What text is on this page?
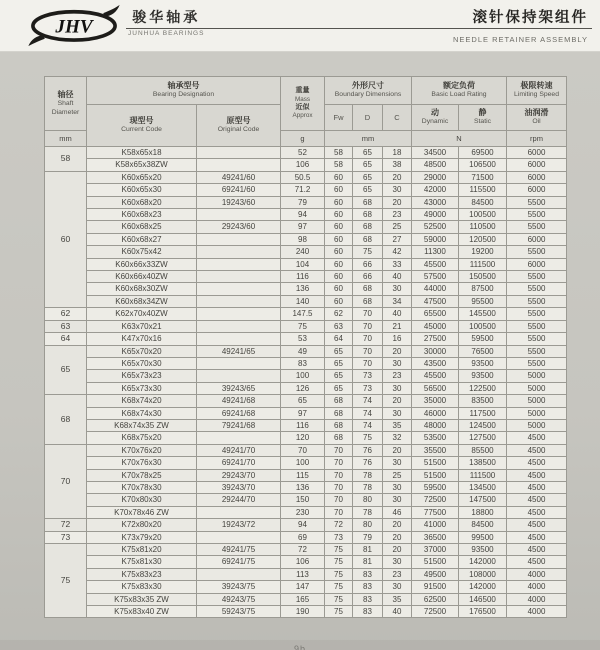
JHV	骏华轴承
JUNHUA BEARINGS
滚针保持架组件
NEEDLE RETAINER ASSEMBLY
轴径
Shaft
Diameter	轴承型号
Bearing Designation		重量
Mass
近似
Approx	外形尺寸
Boundary Dimensions			额定负荷
Basic Load Rating		极限转速
Limiting Speed

	现型号
Current Code	原型号
Original Code		Fw	D	C	动
Dynamic	静
Static	油润滑
Oil

mm			g	mm			N		rpm
58	K58x65x18		52	58	65	18	34500	69500	6000
	K58x65x38ZW		106	58	65	38	48500	106500	6000
60	K60x65x20	49241/60	50.5	60	65	20	29000	71500	6000
	K60x65x30	69241/60	71.2	60	65	30	42000	115500	6000
	K60x68x20	19243/60	79	60	68	20	43000	84500	5500
	K60x68x23		94	60	68	23	49000	100500	5500
	K60x68x25	29243/60	97	60	68	25	52500	110500	5500
	K60x68x27		98	60	68	27	59000	120500	6000
	K60x75x42		240	60	75	42	11300	19200	5500
	K60x66x33ZW		104	60	66	33	45500	111500	6000
	K60x66x40ZW		116	60	66	40	57500	150500	5500
	K60x68x30ZW		136	60	68	30	44000	87500	5500
	K60x68x34ZW		140	60	68	34	47500	95500	5500
62	K62x70x40ZW		147.5	62	70	40	65500	145500	5500
63	K63x70x21		75	63	70	21	45000	100500	5500
64	K47x70x16		53	64	70	16	27500	59500	5500
65	K65x70x20	49241/65	49	65	70	20	30000	76500	5500
	K65x70x30		83	65	70	30	43500	93500	5500
	K65x73x23		100	65	73	23	45500	93500	5000
	K65x73x30	39243/65	126	65	73	30	56500	122500	5000
68	K68x74x20	49241/68	65	68	74	20	35000	83500	5000
	K68x74x30	69241/68	97	68	74	30	46000	117500	5000
	K68x74x35 ZW	79241/68	116	68	74	35	48000	124500	5000
	K68x75x20		120	68	75	32	53500	127500	4500
70	K70x76x20	49241/70	70	70	76	20	35500	85500	4500
	K70x76x30	69241/70	100	70	76	30	51500	138500	4500
	K70x78x25	29243/70	115	70	78	25	51500	111500	4500
	K70x78x30	39243/70	136	70	78	30	59500	134500	4500
	K70x80x30	29244/70	150	70	80	30	72500	147500	4500
	K70x78x46 ZW		230	70	78	46	77500	18800	4500
72	K72x80x20	19243/72	94	72	80	20	41000	84500	4500
73	K73x79x20		69	73	79	20	36500	99500	4500
75	K75x81x20	49241/75	72	75	81	20	37000	93500	4500
	K75x81x30	69241/75	106	75	81	30	51500	142000	4500
	K75x83x23		113	75	83	23	49500	108000	4000
	K75x83x30	39243/75	147	75	83	30	91500	142000	4000
	K75x83x35 ZW	49243/75	165	75	83	35	62500	146500	4000
	K75x83x40 ZW	59243/75	190	75	83	40	72500	176500	4000
